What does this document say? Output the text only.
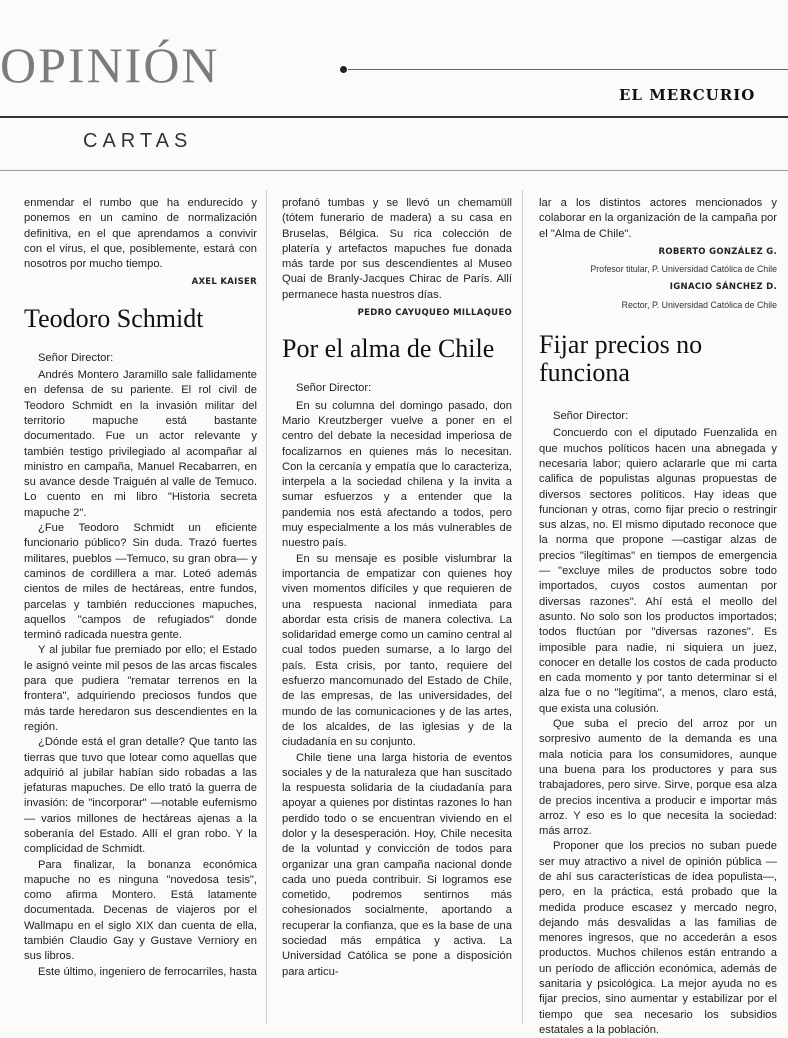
OPINIÓN
EL MERCURIO
CARTAS

enmendar el rumbo que ha endurecido y ponemos en un camino de normalización definitiva, en el que aprendamos a convivir con el virus, el que, posiblemente, estará con nosotros por mucho tiempo.

AXEL KAISER
Teodoro Schmidt

Señor Director:

Andrés Montero Jaramillo sale fallidamente en defensa de su pariente. El rol civil de Teodoro Schmidt en la invasión militar del territorio mapuche está bastante documentado. Fue un actor relevante y también testigo privilegiado al acompañar al ministro en campaña, Manuel Recabarren, en su avance desde Traiguén al valle de Temuco. Lo cuento en mi libro "Historia secreta mapuche 2".

¿Fue Teodoro Schmidt un eficiente funcionario público? Sin duda. Trazó fuertes militares, pueblos —Temuco, su gran obra— y caminos de cordillera a mar. Loteó además cientos de miles de hectáreas, entre fundos, parcelas y también reducciones mapuches, aquellos "campos de refugiados" donde terminó radicada nuestra gente.

Y al jubilar fue premiado por ello; el Estado le asignó veinte mil pesos de las arcas fiscales para que pudiera "rematar terrenos en la frontera", adquiriendo preciosos fundos que más tarde heredaron sus descendientes en la región.

¿Dónde está el gran detalle? Que tanto las tierras que tuvo que lotear como aquellas que adquirió al jubilar habían sido robadas a las jefaturas mapuches. De ello trató la guerra de invasión: de "incorporar" —notable eufemismo— varios millones de hectáreas ajenas a la soberanía del Estado. Allí el gran robo. Y la complicidad de Schmidt.

Para finalizar, la bonanza económica mapuche no es ninguna "novedosa tesis", como afirma Montero. Está latamente documentada. Decenas de viajeros por el Wallmapu en el siglo XIX dan cuenta de ella, también Claudio Gay y Gustave Verniory en sus libros.

Este último, ingeniero de ferrocarriles, hasta

profanó tumbas y se llevó un chemamüll (tótem funerario de madera) a su casa en Bruselas, Bélgica. Su rica colección de platería y artefactos mapuches fue donada más tarde por sus descendientes al Museo Quai de Branly-Jacques Chirac de París. Allí permanece hasta nuestros días.

PEDRO CAYUQUEO MILLAQUEO
Por el alma de Chile

Señor Director:

En su columna del domingo pasado, don Mario Kreutzberger vuelve a poner en el centro del debate la necesidad imperiosa de focalizarnos en quienes más lo necesitan. Con la cercanía y empatía que lo caracteriza, interpela a la sociedad chilena y la invita a sumar esfuerzos y a entender que la pandemia nos está afectando a todos, pero muy especialmente a los más vulnerables de nuestro país.

En su mensaje es posible vislumbrar la importancia de empatizar con quienes hoy viven momentos difíciles y que requieren de una respuesta nacional inmediata para abordar esta crisis de manera colectiva. La solidaridad emerge como un camino central al cual todos pueden sumarse, a lo largo del país. Esta crisis, por tanto, requiere del esfuerzo mancomunado del Estado de Chile, de las empresas, de las universidades, del mundo de las comunicaciones y de las artes, de los alcaldes, de las iglesias y de la ciudadanía en su conjunto.

Chile tiene una larga historia de eventos sociales y de la naturaleza que han suscitado la respuesta solidaria de la ciudadanía para apoyar a quienes por distintas razones lo han perdido todo o se encuentran viviendo en el dolor y la desesperación. Hoy, Chile necesita de la voluntad y convicción de todos para organizar una gran campaña nacional donde cada uno pueda contribuir. Si logramos ese cometido, podremos sentirnos más cohesionados socialmente, aportando a recuperar la confianza, que es la base de una sociedad más empática y activa. La Universidad Católica se pone a disposición para articu-

lar a los distintos actores mencionados y colaborar en la organización de la campaña por el "Alma de Chile".

ROBERTO GONZÁLEZ G.
Profesor titular, P. Universidad Católica de Chile
IGNACIO SÁNCHEZ D.
Rector, P. Universidad Católica de Chile
Fijar precios no funciona

Señor Director:

Concuerdo con el diputado Fuenzalida en que muchos políticos hacen una abnegada y necesaria labor; quiero aclararle que mi carta califica de populistas algunas propuestas de diversos sectores políticos. Hay ideas que funcionan y otras, como fijar precio o restringir sus alzas, no. El mismo diputado reconoce que la norma que propone —castigar alzas de precios "ilegítimas" en tiempos de emergencia— "excluye miles de productos sobre todo importados, cuyos costos aumentan por diversas razones". Ahí está el meollo del asunto. No solo son los productos importados; todos fluctúan por "diversas razones". Es imposible para nadie, ni siquiera un juez, conocer en detalle los costos de cada producto en cada momento y por tanto determinar si el alza fue o no "legítima", a menos, claro está, que exista una colusión.

Que suba el precio del arroz por un sorpresivo aumento de la demanda es una mala noticia para los consumidores, aunque una buena para los productores y para sus trabajadores, pero sirve. Sirve, porque esa alza de precios incentiva a producir e importar más arroz. Y eso es lo que necesita la sociedad: más arroz.

Proponer que los precios no suban puede ser muy atractivo a nivel de opinión pública —de ahí sus características de idea populista—, pero, en la práctica, está probado que la medida produce escasez y mercado negro, dejando más desvalidas a las familias de menores ingresos, que no accederán a esos productos. Muchos chilenos están entrando a un período de aflicción económica, además de sanitaria y psicológica. La mejor ayuda no es fijar precios, sino aumentar y estabilizar por el tiempo que sea necesario los subsidios estatales a la población.
